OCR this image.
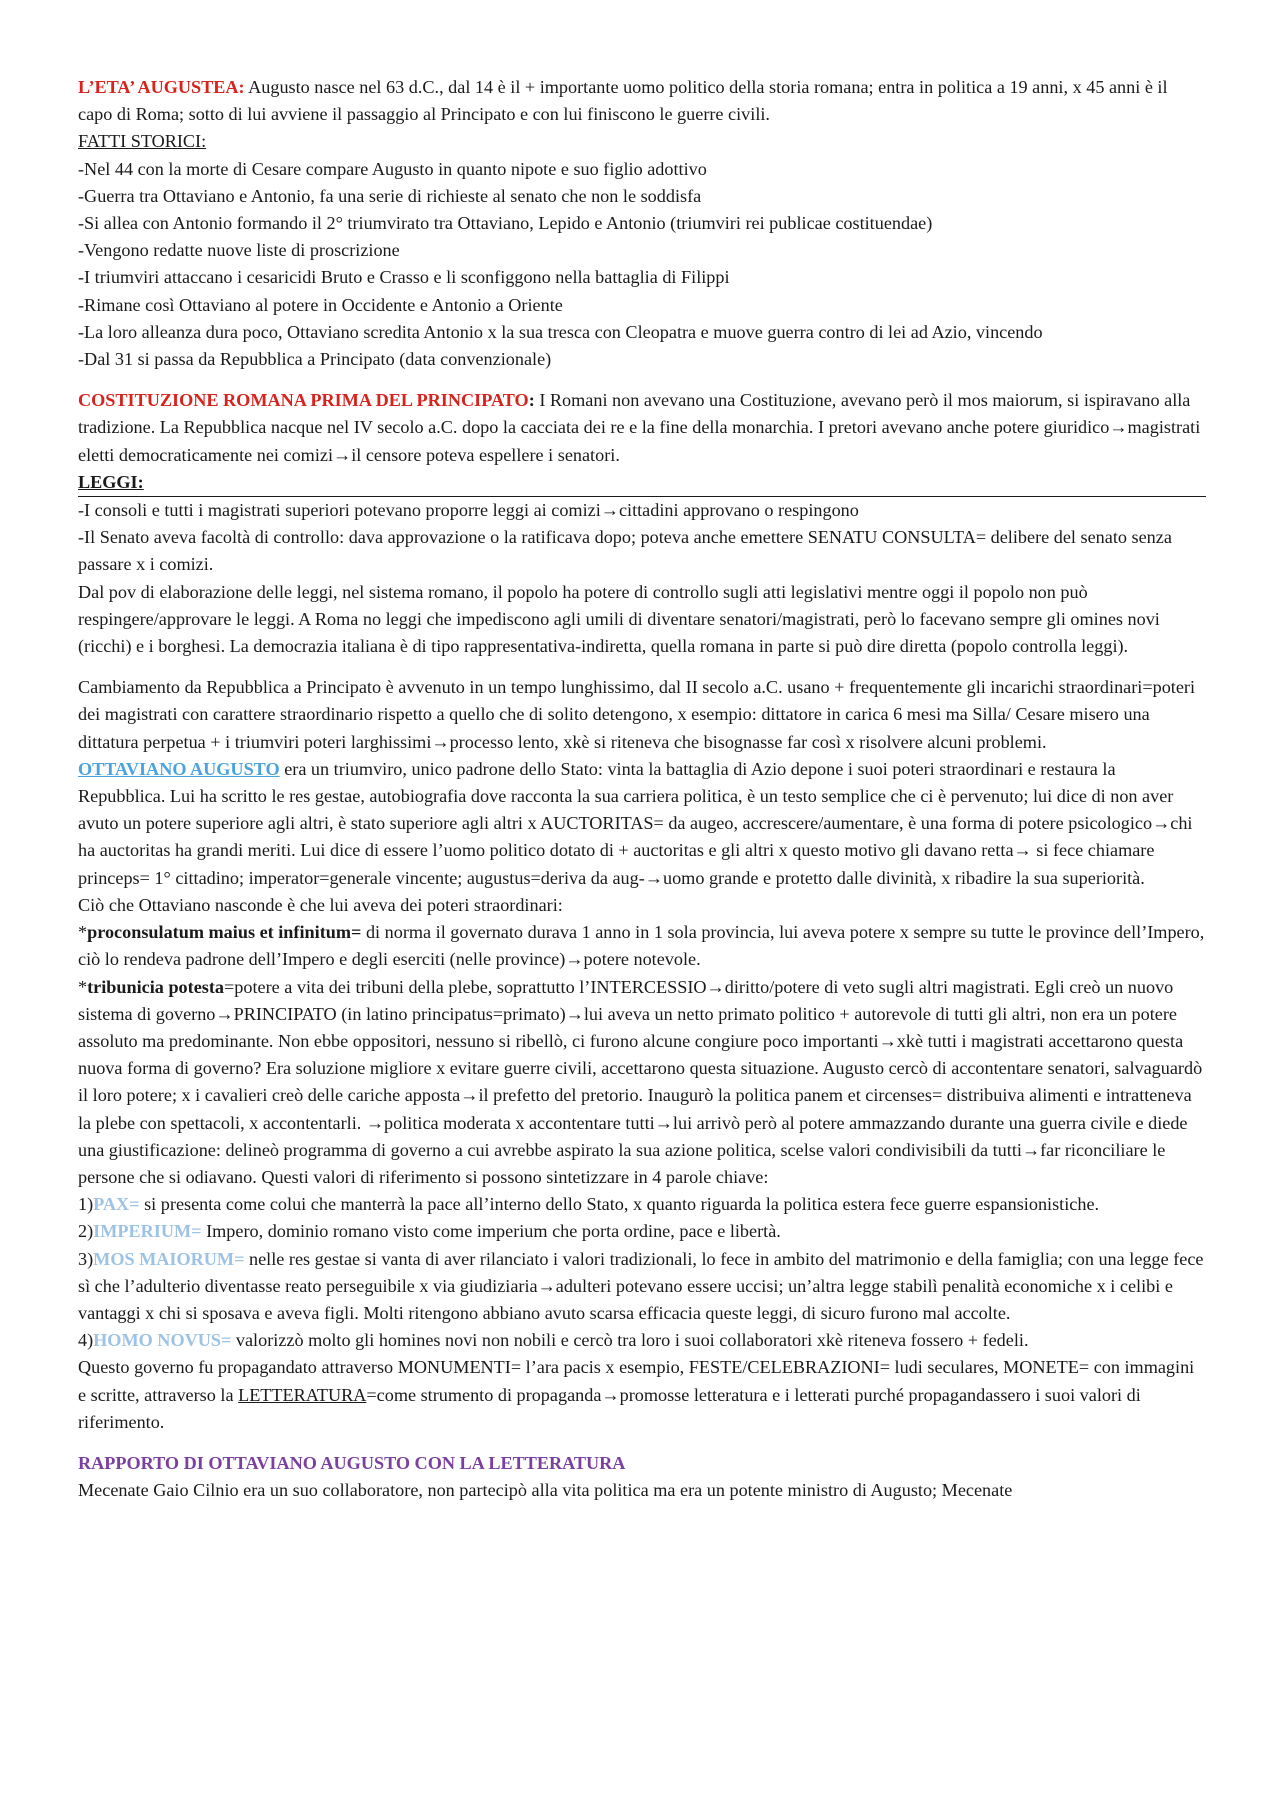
L’ETA’ AUGUSTEA: Augusto nasce nel 63 d.C., dal 14 è il + importante uomo politico della storia romana; entra in politica a 19 anni, x 45 anni è il capo di Roma; sotto di lui avviene il passaggio al Principato e con lui finiscono le guerre civili.

FATTI STORICI:

-Nel 44 con la morte di Cesare compare Augusto in quanto nipote e suo figlio adottivo

-Guerra tra Ottaviano e Antonio, fa una serie di richieste al senato che non le soddisfa

-Si allea con Antonio formando il 2° triumvirato tra Ottaviano, Lepido e Antonio (triumviri rei publicae costituendae)

-Vengono redatte nuove liste di proscrizione

-I triumviri attaccano i cesaricidi Bruto e Crasso e li sconfiggono nella battaglia di Filippi

-Rimane così Ottaviano al potere in Occidente e Antonio a Oriente

-La loro alleanza dura poco, Ottaviano scredita Antonio x la sua tresca con Cleopatra e muove guerra contro di lei ad Azio, vincendo

-Dal 31 si passa da Repubblica a Principato (data convenzionale)

COSTITUZIONE ROMANA PRIMA DEL PRINCIPATO: I Romani non avevano una Costituzione, avevano però il mos maiorum, si ispiravano alla tradizione. La Repubblica nacque nel IV secolo a.C. dopo la cacciata dei re e la fine della monarchia. I pretori avevano anche potere giuridico→magistrati eletti democraticamente nei comizi→il censore poteva espellere i senatori.

LEGGI:

-I consoli e tutti i magistrati superiori potevano proporre leggi ai comizi→cittadini approvano o respingono

-Il Senato aveva facoltà di controllo: dava approvazione o la ratificava dopo; poteva anche emettere SENATU CONSULTA= delibere del senato senza passare x i comizi.

Dal pov di elaborazione delle leggi, nel sistema romano, il popolo ha potere di controllo sugli atti legislativi mentre oggi il popolo non può respingere/approvare le leggi. A Roma no leggi che impediscono agli umili di diventare senatori/magistrati, però lo facevano sempre gli omines novi (ricchi) e i borghesi. La democrazia italiana è di tipo rappresentativa-indiretta, quella romana in parte si può dire diretta (popolo controlla leggi).

Cambiamento da Repubblica a Principato è avvenuto in un tempo lunghissimo, dal II secolo a.C. usano + frequentemente gli incarichi straordinari=poteri dei magistrati con carattere straordinario rispetto a quello che di solito detengono, x esempio: dittatore in carica 6 mesi ma Silla/ Cesare misero una dittatura perpetua + i triumviri poteri larghissimi→processo lento, xkè si riteneva che bisognasse far così x risolvere alcuni problemi.

OTTAVIANO AUGUSTO era un triumviro, unico padrone dello Stato: vinta la battaglia di Azio depone i suoi poteri straordinari e restaura la Repubblica. Lui ha scritto le res gestae, autobiografia dove racconta la sua carriera politica, è un testo semplice che ci è pervenuto; lui dice di non aver avuto un potere superiore agli altri, è stato superiore agli altri x AUCTORITAS= da augeo, accrescere/aumentare, è una forma di potere psicologico→chi ha auctoritas ha grandi meriti. Lui dice di essere l’uomo politico dotato di + auctoritas e gli altri x questo motivo gli davano retta→ si fece chiamare princeps= 1° cittadino; imperator=generale vincente; augustus=deriva da aug-→uomo grande e protetto dalle divinità, x ribadire la sua superiorità.

Ciò che Ottaviano nasconde è che lui aveva dei poteri straordinari:

*proconsulatum maius et infinitum= di norma il governato durava 1 anno in 1 sola provincia, lui aveva potere x sempre su tutte le province dell’Impero, ciò lo rendeva padrone dell’Impero e degli eserciti (nelle province)→potere notevole.

*tribunicia potesta=potere a vita dei tribuni della plebe, soprattutto l’INTERCESSIO→diritto/potere di veto sugli altri magistrati. Egli creò un nuovo sistema di governo→PRINCIPATO (in latino principatus=primato)→lui aveva un netto primato politico + autorevole di tutti gli altri, non era un potere assoluto ma predominante. Non ebbe oppositori, nessuno si ribellò, ci furono alcune congiure poco importanti→xkè tutti i magistrati accettarono questa nuova forma di governo? Era soluzione migliore x evitare guerre civili, accettarono questa situazione. Augusto cercò di accontentare senatori, salvaguardò il loro potere; x i cavalieri creò delle cariche apposta→il prefetto del pretorio. Inaugurò la politica panem et circenses= distribuiva alimenti e intratteneva la plebe con spettacoli, x accontentarli. →politica moderata x accontentare tutti→lui arrivò però al potere ammazzando durante una guerra civile e diede una giustificazione: delineò programma di governo a cui avrebbe aspirato la sua azione politica, scelse valori condivisibili da tutti→far riconciliare le persone che si odiavano. Questi valori di riferimento si possono sintetizzare in 4 parole chiave:

1)PAX= si presenta come colui che manterrà la pace all’interno dello Stato, x quanto riguarda la politica estera fece guerre espansionistiche.

2)IMPERIUM= Impero, dominio romano visto come imperium che porta ordine, pace e libertà.

3)MOS MAIORUM= nelle res gestae si vanta di aver rilanciato i valori tradizionali, lo fece in ambito del matrimonio e della famiglia; con una legge fece sì che l’adulterio diventasse reato perseguibile x via giudiziaria→adulteri potevano essere uccisi; un’altra legge stabilì penalità economiche x i celibi e vantaggi x chi si sposava e aveva figli. Molti ritengono abbiano avuto scarsa efficacia queste leggi, di sicuro furono mal accolte.

4)HOMO NOVUS= valorizzò molto gli homines novi non nobili e cercò tra loro i suoi collaboratori xkè riteneva fossero + fedeli.

Questo governo fu propagandato attraverso MONUMENTI= l’ara pacis x esempio, FESTE/CELEBRAZIONI= ludi seculares, MONETE= con immagini e scritte, attraverso la LETTERATURA=come strumento di propaganda→promosse letteratura e i letterati purché propagandassero i suoi valori di riferimento.

RAPPORTO DI OTTAVIANO AUGUSTO CON LA LETTERATURA

Mecenate Gaio Cilnio era un suo collaboratore, non partecipò alla vita politica ma era un potente ministro di Augusto; Mecenate
